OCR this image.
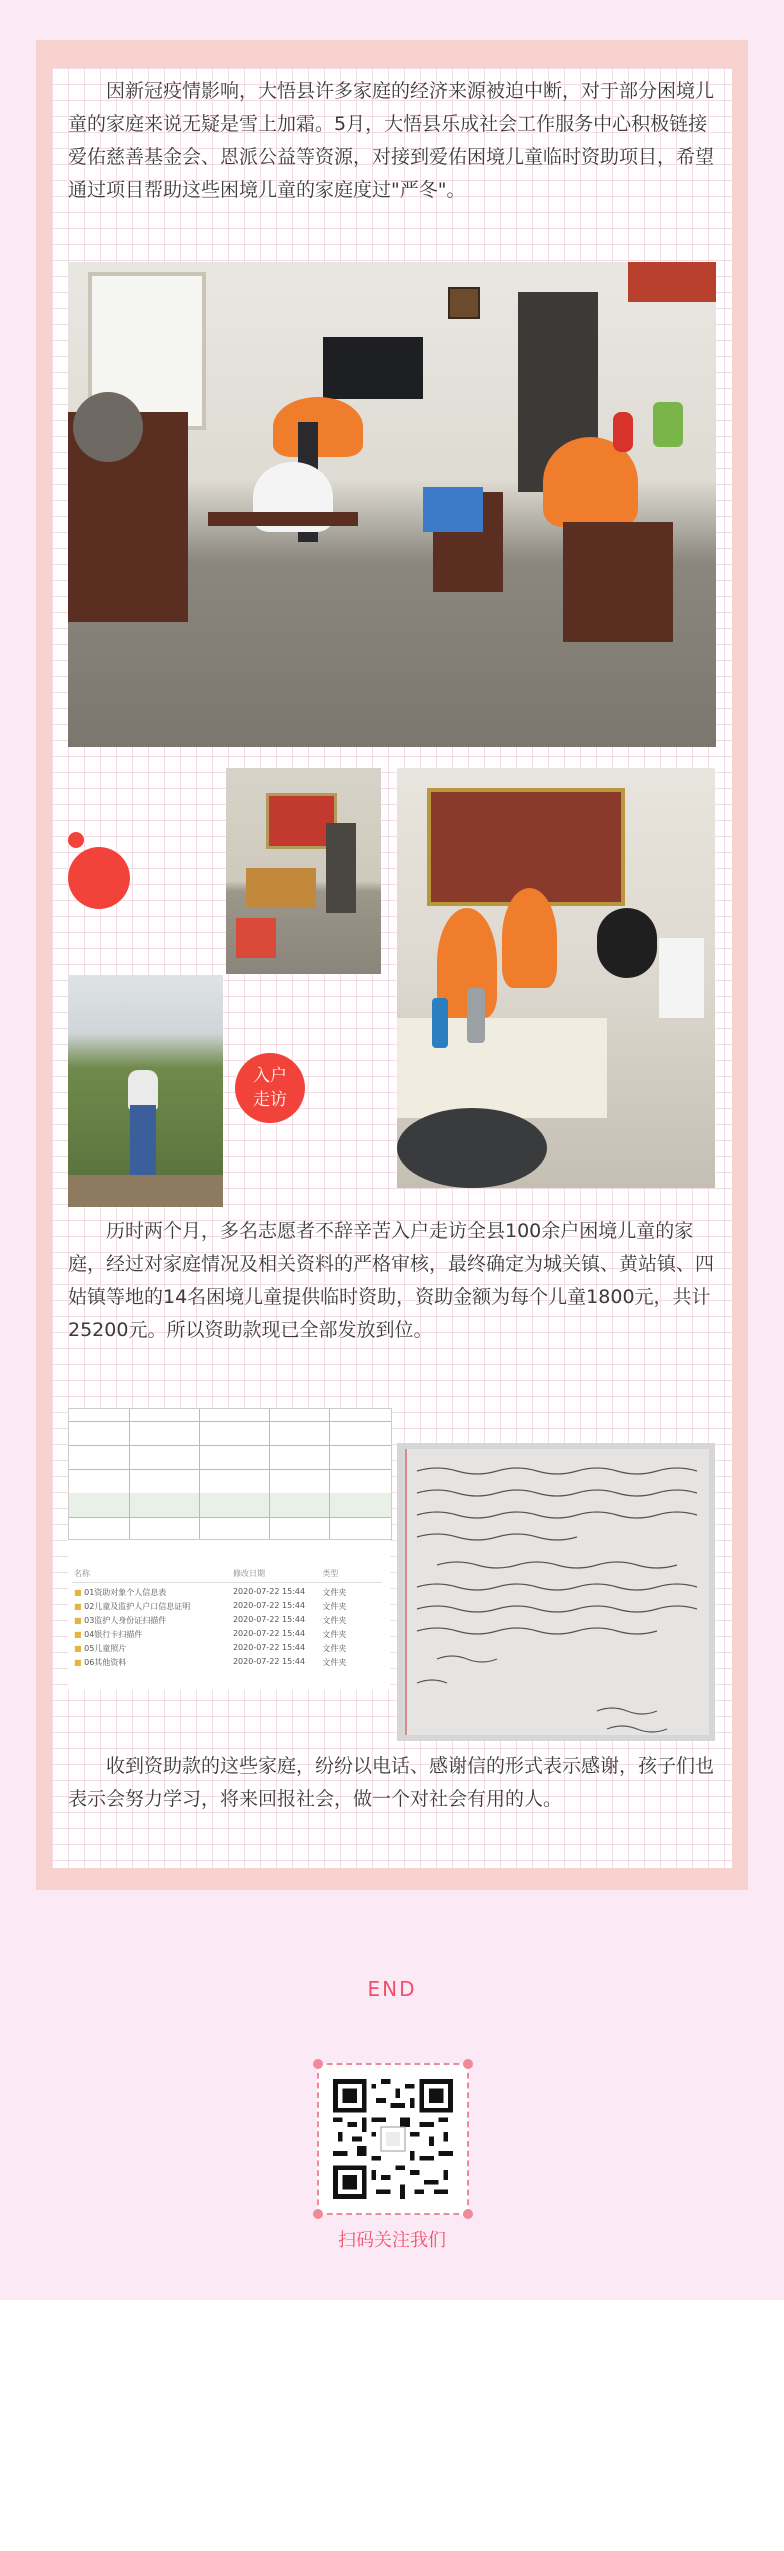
因新冠疫情影响，大悟县许多家庭的经济来源被迫中断，对于部分困境儿童的家庭来说无疑是雪上加霜。5月，大悟县乐成社会工作服务中心积极链接爱佑慈善基金会、恩派公益等资源，对接到爱佑困境儿童临时资助项目，希望通过项目帮助这些困境儿童的家庭度过"严冬"。

入户
走访

历时两个月，多名志愿者不辞辛苦入户走访全县100余户困境儿童的家庭，经过对家庭情况及相关资料的严格审核，最终确定为城关镇、黄站镇、四姑镇等地的14名困境儿童提供临时资助，资助金额为每个儿童1800元，共计25200元。所以资助款现已全部发放到位。

名称	修改日期	类型
■ 01资助对象个人信息表	2020-07-22 15:44	文件夹
■ 02儿童及监护人户口信息证明	2020-07-22 15:44	文件夹
■ 03监护人身份证扫描件	2020-07-22 15:44	文件夹
■ 04银行卡扫描件	2020-07-22 15:44	文件夹
■ 05儿童照片	2020-07-22 15:44	文件夹
■ 06其他资料	2020-07-22 15:44	文件夹

收到资助款的这些家庭，纷纷以电话、感谢信的形式表示感谢，孩子们也表示会努力学习，将来回报社会，做一个对社会有用的人。

END
扫码关注我们
